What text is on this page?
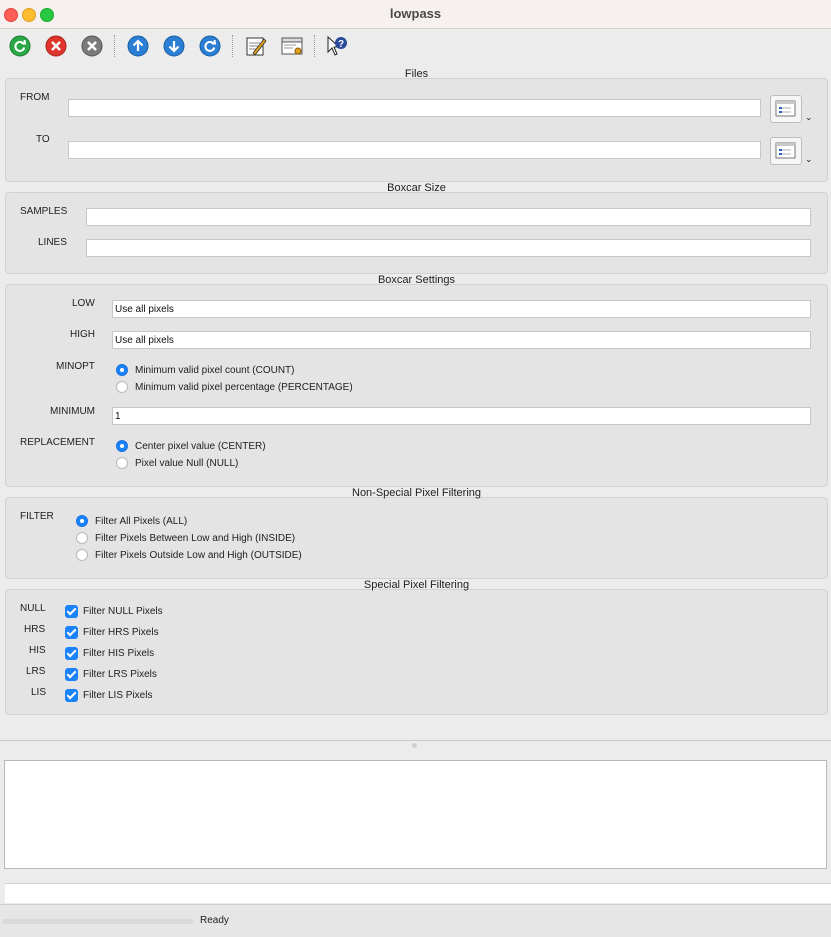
lowpass
?
Files
FROM
⌄
TO
⌄
Boxcar Size
SAMPLES
LINES
Boxcar Settings
LOW
Use all pixels
HIGH
Use all pixels
MINOPT	Minimum valid pixel count (COUNT)
Minimum valid pixel percentage (PERCENTAGE)
MINIMUM	1
REPLACEMENT	Center pixel value (CENTER)
Pixel value Null (NULL)
Non-Special Pixel Filtering
FILTER	Filter All Pixels (ALL)
Filter Pixels Between Low and High (INSIDE)
Filter Pixels Outside Low and High (OUTSIDE)
Special Pixel Filtering
NULL	Filter NULL Pixels
HRS	Filter HRS Pixels
HIS	Filter HIS Pixels
LRS	Filter LRS Pixels
LIS	Filter LIS Pixels
Ready
